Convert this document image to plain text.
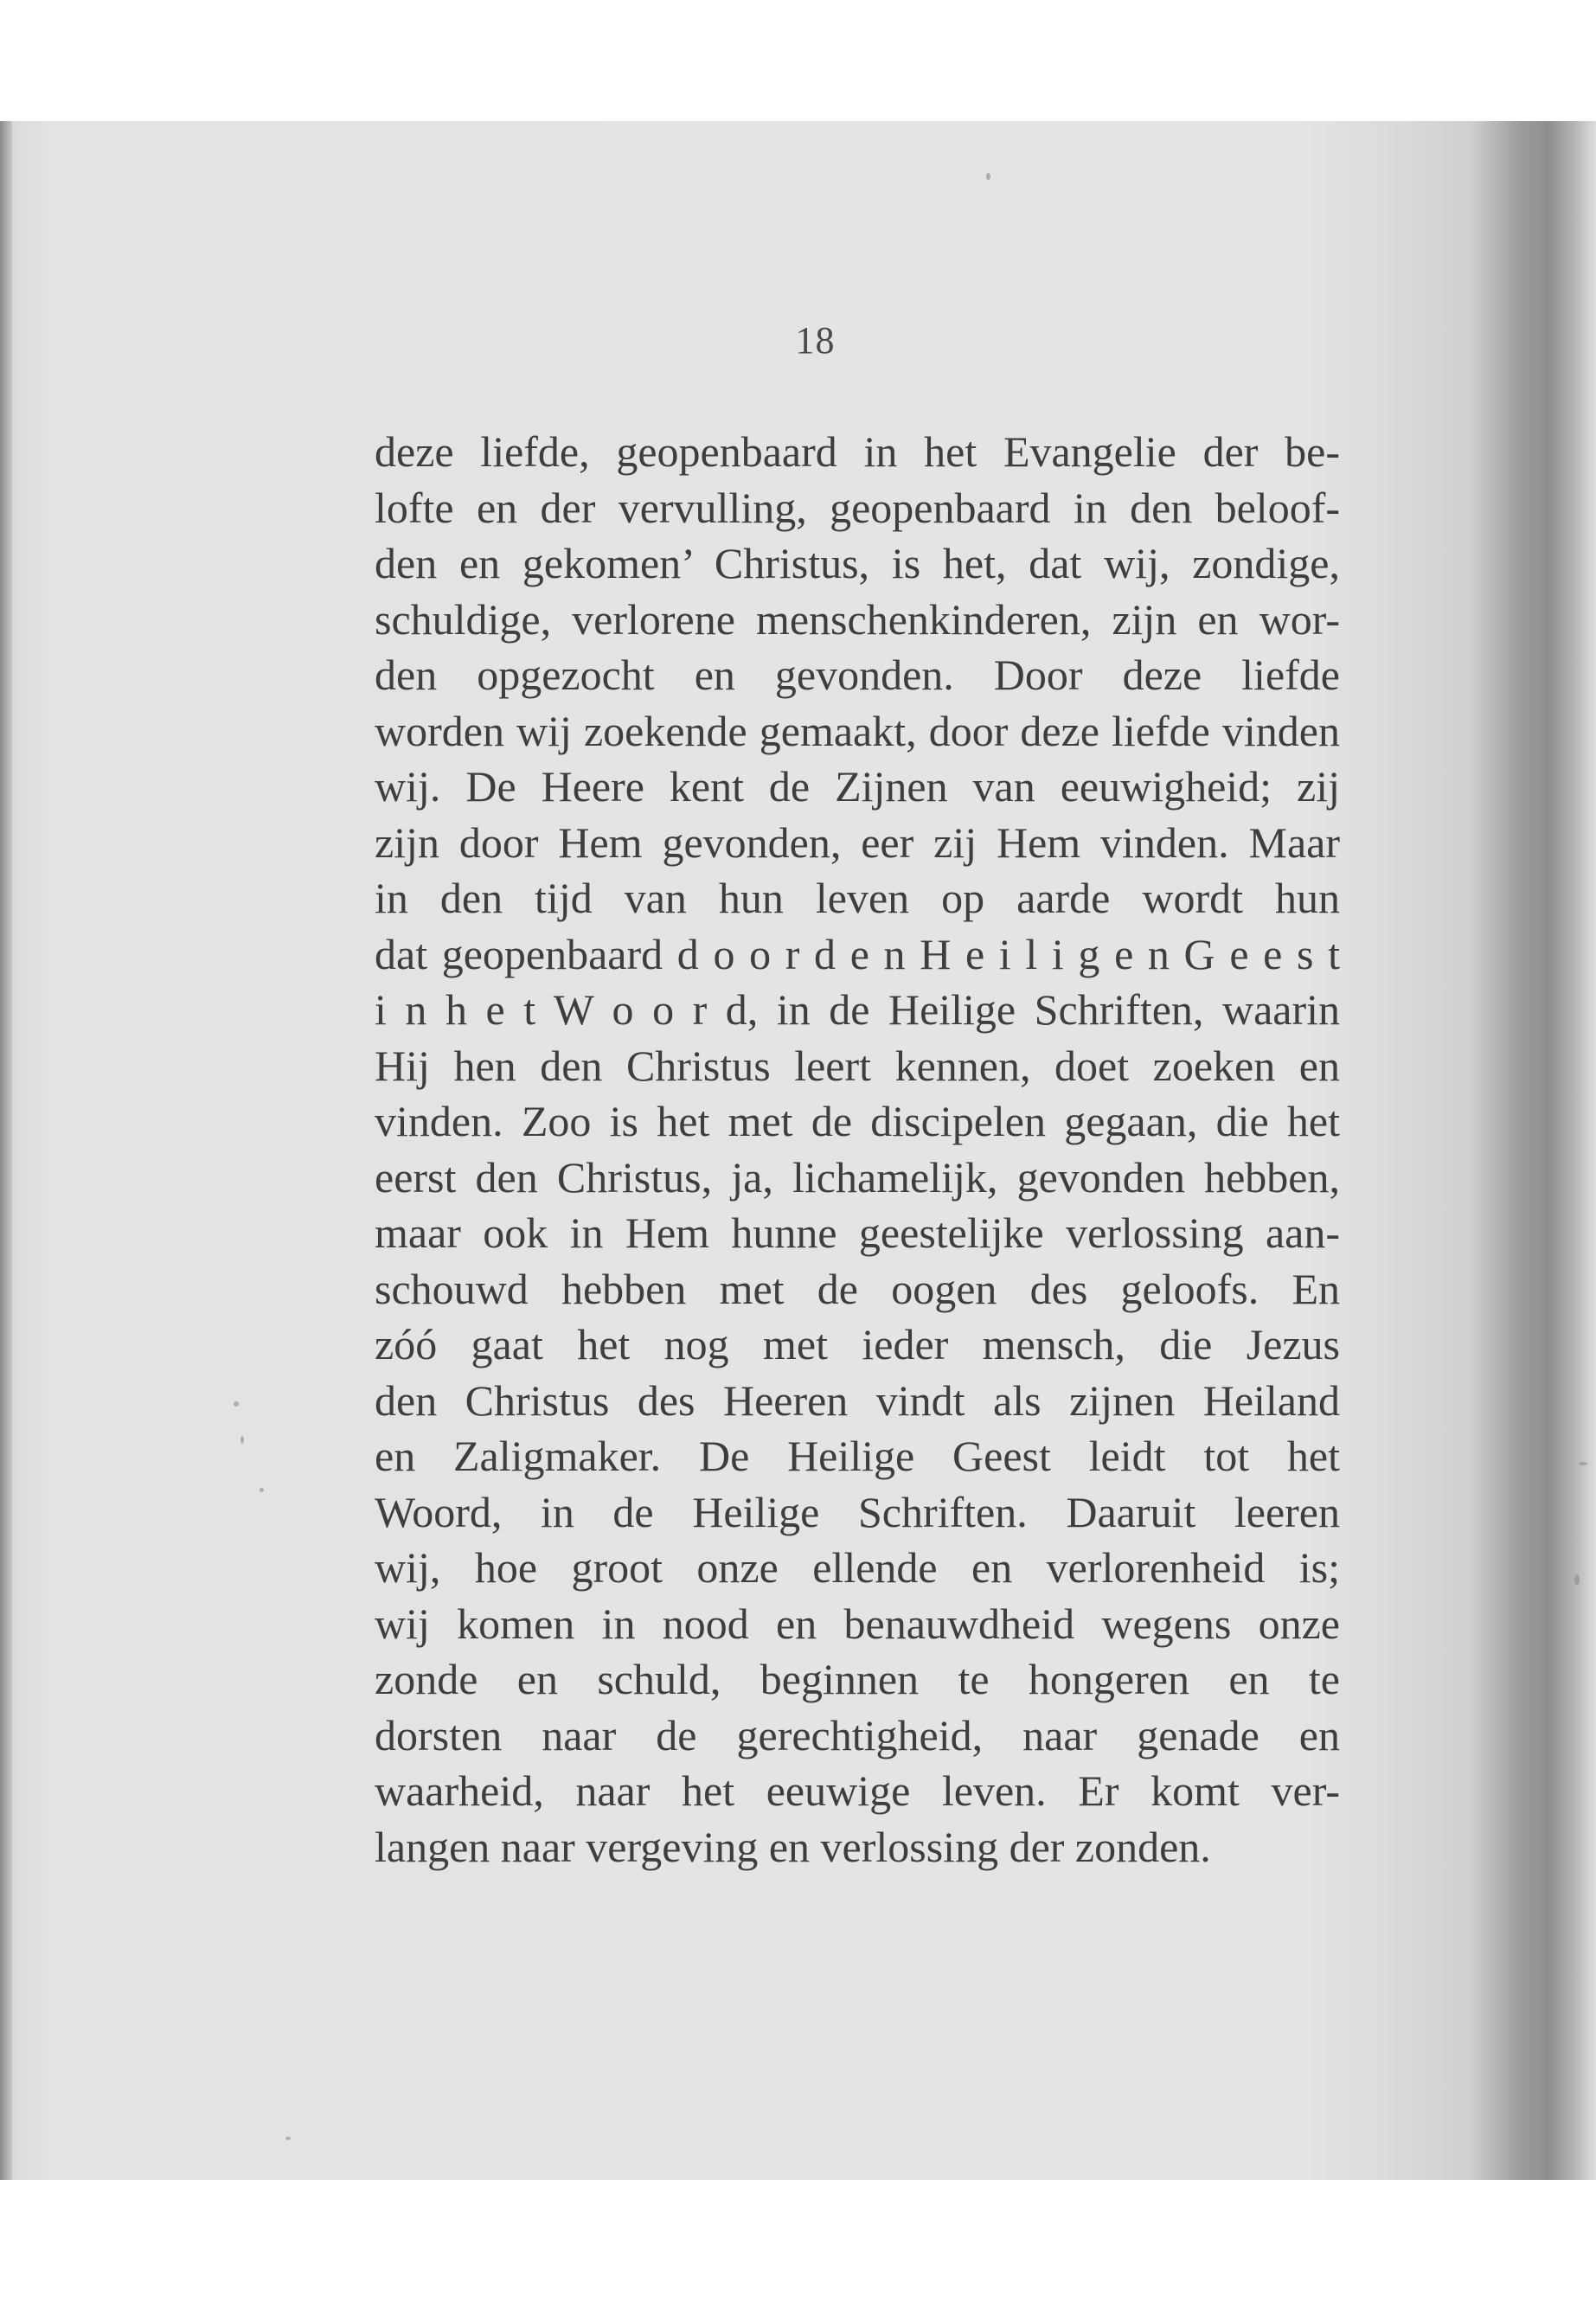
18
deze liefde, geopenbaard in het Evangelie der be-
lofte en der vervulling, geopenbaard in den beloof-
den en gekomen’ Christus, is het, dat wij, zondige,
schuldige, verlorene menschenkinderen, zijn en wor-
den opgezocht en gevonden. Door deze liefde
worden wij zoekende gemaakt, door deze liefde vinden
wij. De Heere kent de Zijnen van eeuwigheid; zij
zijn door Hem gevonden, eer zij Hem vinden. Maar
in den tijd van hun leven op aarde wordt hun
dat geopenbaard d o o r d e n H e i l i g e n G e e s t
i n h e t W o o r d, in de Heilige Schriften, waarin
Hij hen den Christus leert kennen, doet zoeken en
vinden. Zoo is het met de discipelen gegaan, die het
eerst den Christus, ja, lichamelijk, gevonden hebben,
maar ook in Hem hunne geestelijke verlossing aan-
schouwd hebben met de oogen des geloofs. En
zóó gaat het nog met ieder mensch, die Jezus
den Christus des Heeren vindt als zijnen Heiland
en Zaligmaker. De Heilige Geest leidt tot het
Woord, in de Heilige Schriften. Daaruit leeren
wij, hoe groot onze ellende en verlorenheid is;
wij komen in nood en benauwdheid wegens onze
zonde en schuld, beginnen te hongeren en te
dorsten naar de gerechtigheid, naar genade en
waarheid, naar het eeuwige leven. Er komt ver-
langen naar vergeving en verlossing der zonden.
